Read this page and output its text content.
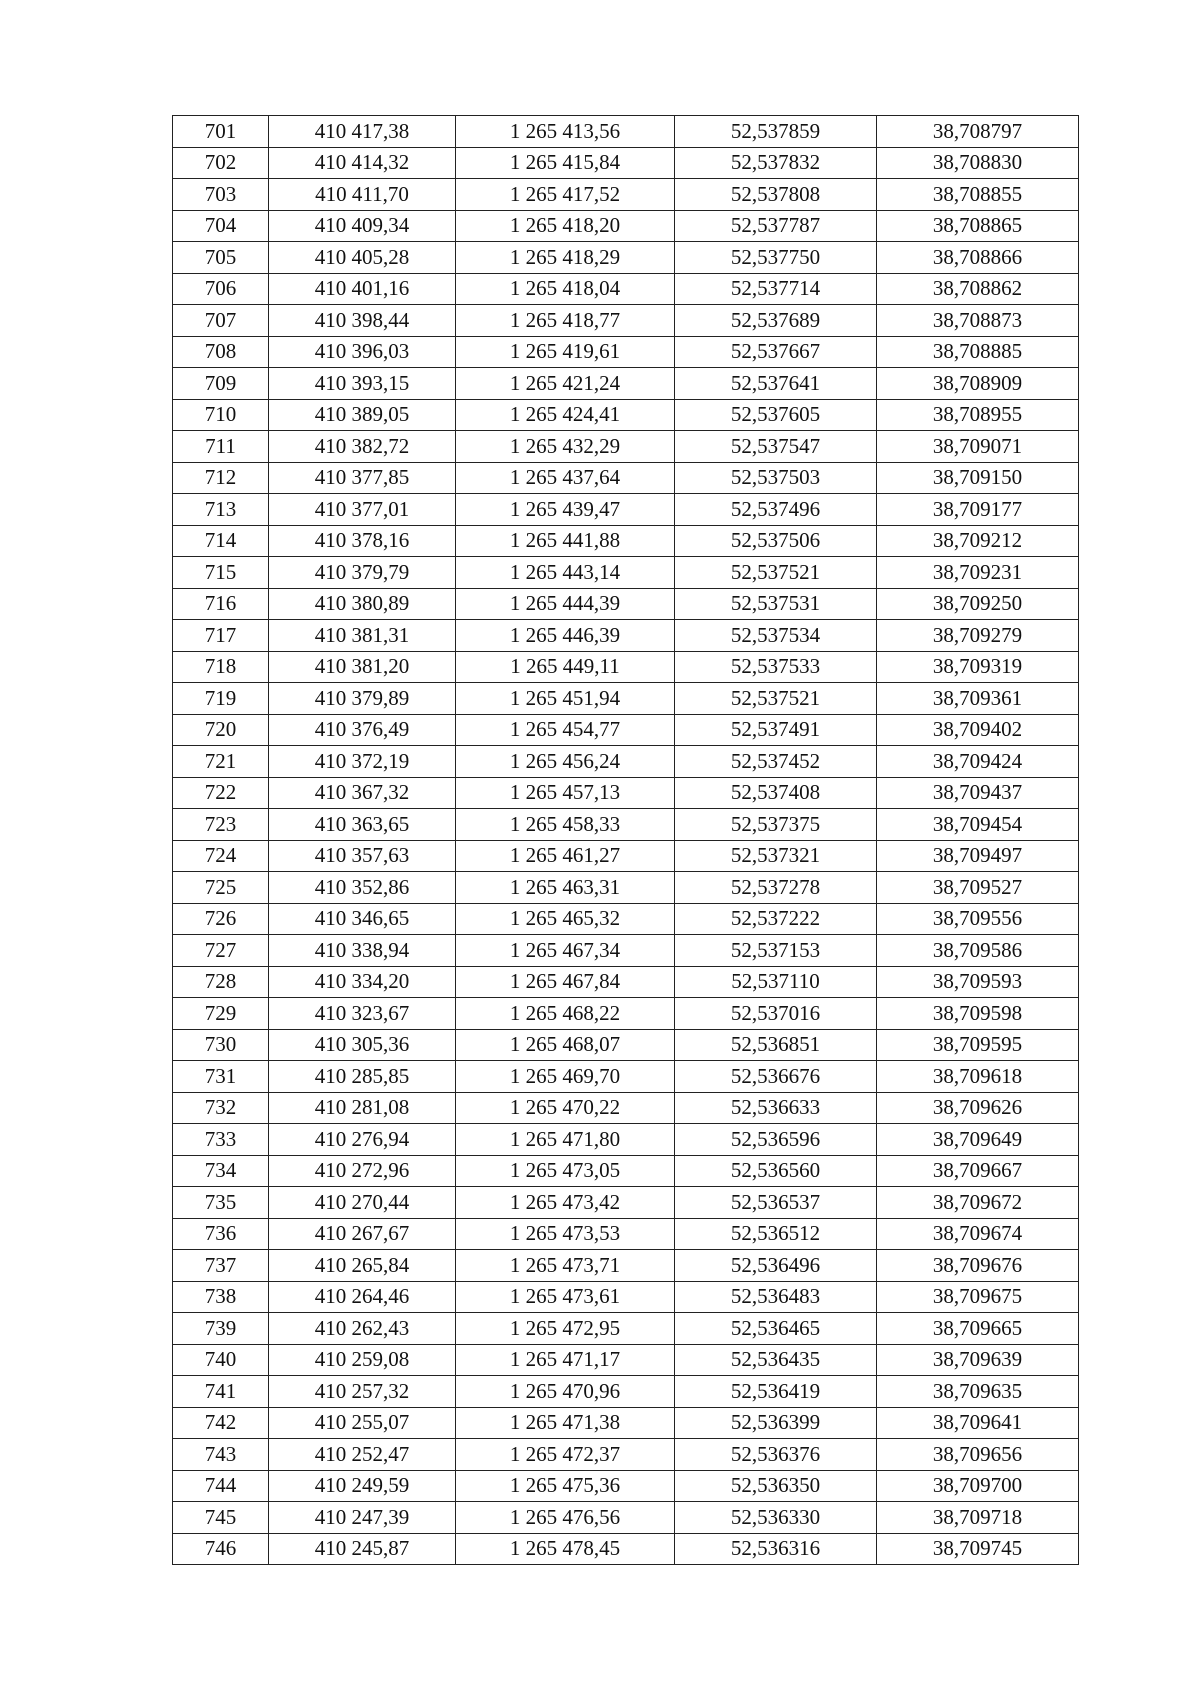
701	410 417,38	1 265 413,56	52,537859	38,708797
702	410 414,32	1 265 415,84	52,537832	38,708830
703	410 411,70	1 265 417,52	52,537808	38,708855
704	410 409,34	1 265 418,20	52,537787	38,708865
705	410 405,28	1 265 418,29	52,537750	38,708866
706	410 401,16	1 265 418,04	52,537714	38,708862
707	410 398,44	1 265 418,77	52,537689	38,708873
708	410 396,03	1 265 419,61	52,537667	38,708885
709	410 393,15	1 265 421,24	52,537641	38,708909
710	410 389,05	1 265 424,41	52,537605	38,708955
711	410 382,72	1 265 432,29	52,537547	38,709071
712	410 377,85	1 265 437,64	52,537503	38,709150
713	410 377,01	1 265 439,47	52,537496	38,709177
714	410 378,16	1 265 441,88	52,537506	38,709212
715	410 379,79	1 265 443,14	52,537521	38,709231
716	410 380,89	1 265 444,39	52,537531	38,709250
717	410 381,31	1 265 446,39	52,537534	38,709279
718	410 381,20	1 265 449,11	52,537533	38,709319
719	410 379,89	1 265 451,94	52,537521	38,709361
720	410 376,49	1 265 454,77	52,537491	38,709402
721	410 372,19	1 265 456,24	52,537452	38,709424
722	410 367,32	1 265 457,13	52,537408	38,709437
723	410 363,65	1 265 458,33	52,537375	38,709454
724	410 357,63	1 265 461,27	52,537321	38,709497
725	410 352,86	1 265 463,31	52,537278	38,709527
726	410 346,65	1 265 465,32	52,537222	38,709556
727	410 338,94	1 265 467,34	52,537153	38,709586
728	410 334,20	1 265 467,84	52,537110	38,709593
729	410 323,67	1 265 468,22	52,537016	38,709598
730	410 305,36	1 265 468,07	52,536851	38,709595
731	410 285,85	1 265 469,70	52,536676	38,709618
732	410 281,08	1 265 470,22	52,536633	38,709626
733	410 276,94	1 265 471,80	52,536596	38,709649
734	410 272,96	1 265 473,05	52,536560	38,709667
735	410 270,44	1 265 473,42	52,536537	38,709672
736	410 267,67	1 265 473,53	52,536512	38,709674
737	410 265,84	1 265 473,71	52,536496	38,709676
738	410 264,46	1 265 473,61	52,536483	38,709675
739	410 262,43	1 265 472,95	52,536465	38,709665
740	410 259,08	1 265 471,17	52,536435	38,709639
741	410 257,32	1 265 470,96	52,536419	38,709635
742	410 255,07	1 265 471,38	52,536399	38,709641
743	410 252,47	1 265 472,37	52,536376	38,709656
744	410 249,59	1 265 475,36	52,536350	38,709700
745	410 247,39	1 265 476,56	52,536330	38,709718
746	410 245,87	1 265 478,45	52,536316	38,709745
